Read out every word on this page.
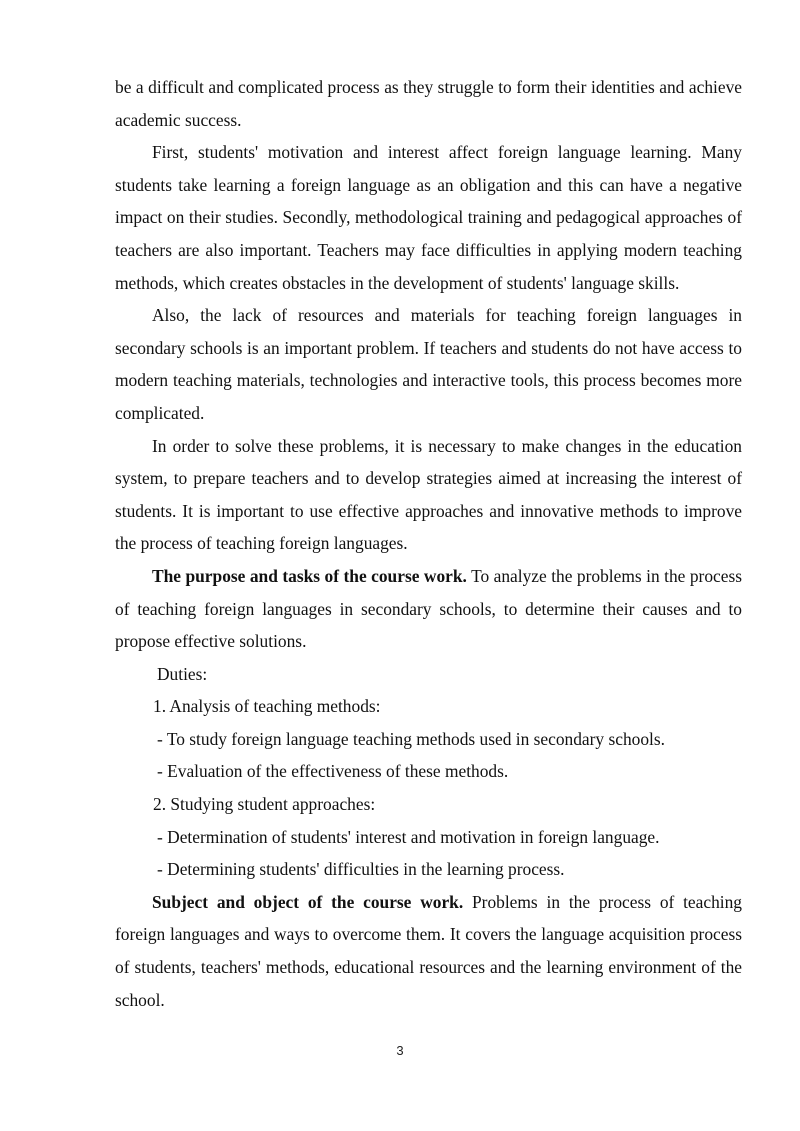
be a difficult and complicated process as they struggle to form their identities and achieve academic success.

First, students' motivation and interest affect foreign language learning. Many students take learning a foreign language as an obligation and this can have a negative impact on their studies. Secondly, methodological training and pedagogical approaches of teachers are also important. Teachers may face difficulties in applying modern teaching methods, which creates obstacles in the development of students' language skills.

Also, the lack of resources and materials for teaching foreign languages in secondary schools is an important problem. If teachers and students do not have access to modern teaching materials, technologies and interactive tools, this process becomes more complicated.

In order to solve these problems, it is necessary to make changes in the education system, to prepare teachers and to develop strategies aimed at increasing the interest of students. It is important to use effective approaches and innovative methods to improve the process of teaching foreign languages.

The purpose and tasks of the course work. To analyze the problems in the process of teaching foreign languages in secondary schools, to determine their causes and to propose effective solutions.

Duties:

1. Analysis of teaching methods:

- To study foreign language teaching methods used in secondary schools.

- Evaluation of the effectiveness of these methods.

2. Studying student approaches:

- Determination of students' interest and motivation in foreign language.

- Determining students' difficulties in the learning process.

Subject and object of the course work. Problems in the process of teaching foreign languages and ways to overcome them. It covers the language acquisition process of students, teachers' methods, educational resources and the learning environment of the school.

3
